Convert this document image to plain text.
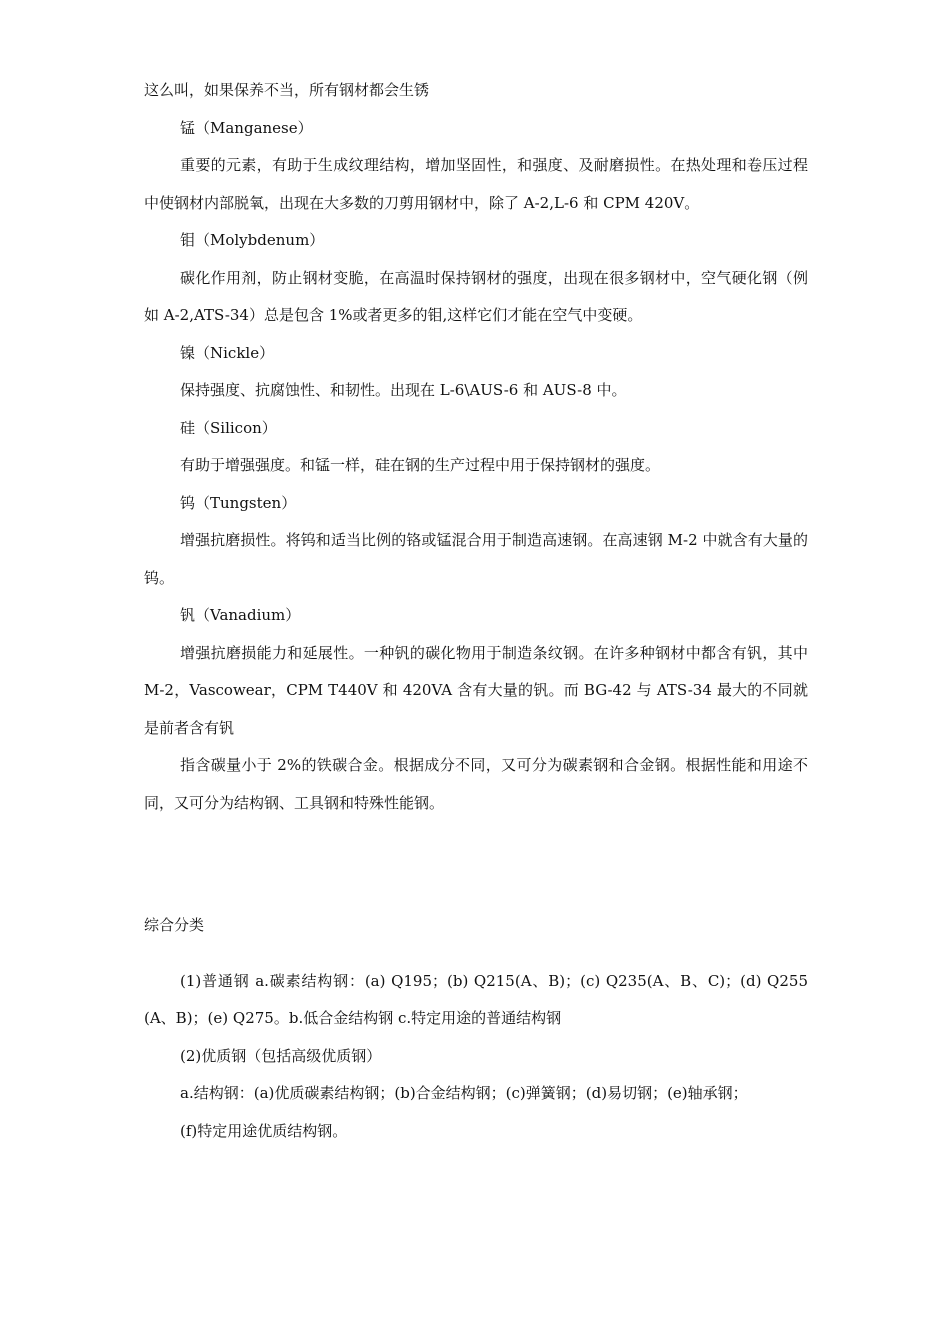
这么叫，如果保养不当，所有钢材都会生锈

锰（Manganese）

重要的元素，有助于生成纹理结构，增加坚固性，和强度、及耐磨损性。在热处理和卷压过程中使钢材内部脱氧，出现在大多数的刀剪用钢材中，除了 A-2,L-6 和 CPM 420V。

钼（Molybdenum）

碳化作用剂，防止钢材变脆，在高温时保持钢材的强度，出现在很多钢材中，空气硬化钢（例如 A-2,ATS-34）总是包含 1%或者更多的钼,这样它们才能在空气中变硬。

镍（Nickle）

保持强度、抗腐蚀性、和韧性。出现在 L-6\AUS-6 和 AUS-8 中。

硅（Silicon）

有助于增强强度。和锰一样，硅在钢的生产过程中用于保持钢材的强度。

钨（Tungsten）

增强抗磨损性。将钨和适当比例的铬或锰混合用于制造高速钢。在高速钢 M-2 中就含有大量的钨。

钒（Vanadium）

增强抗磨损能力和延展性。一种钒的碳化物用于制造条纹钢。在许多种钢材中都含有钒，其中 M-2，Vascowear，CPM T440V 和 420VA 含有大量的钒。而 BG-42 与 ATS-34 最大的不同就是前者含有钒

指含碳量小于 2%的铁碳合金。根据成分不同，又可分为碳素钢和合金钢。根据性能和用途不同，又可分为结构钢、工具钢和特殊性能钢。

综合分类

(1)普通钢 a.碳素结构钢：(a) Q195；(b) Q215(A、B)；(c) Q235(A、B、C)；(d) Q255(A、B)；(e) Q275。b.低合金结构钢 c.特定用途的普通结构钢

(2)优质钢（包括高级优质钢）

a.结构钢：(a)优质碳素结构钢；(b)合金结构钢；(c)弹簧钢；(d)易切钢；(e)轴承钢；

(f)特定用途优质结构钢。
